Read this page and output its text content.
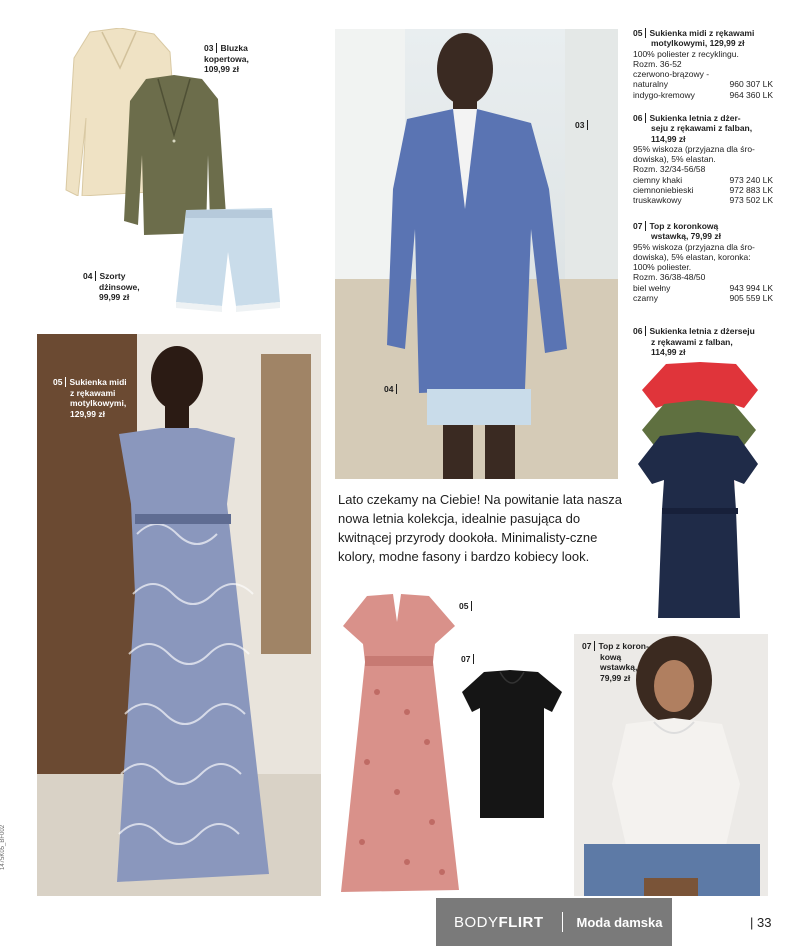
03 Bluzka
kopertowa,
109,99 zł
04 Szorty
dżinsowe,
99,99 zł
03
04
05 Sukienka midi z rękawami
motylkowymi, 129,99 zł
100% poliester z recyklingu.
Rozm. 36-52
czerwono-brązowy -
naturalny	960 307 LK
indygo-kremowy	964 360 LK
06 Sukienka letnia z dżer-
seju z rękawami z falban,
114,99 zł
95% wiskoza (przyjazna dla śro-
dowiska), 5% elastan.
Rozm. 32/34-56/58
ciemny khaki	973 240 LK
ciemnoniebieski	972 883 LK
truskawkowy	973 502 LK
07 Top z koronkową
wstawką, 79,99 zł
95% wiskoza (przyjazna dla śro-
dowiska), 5% elastan, koronka:
100% poliester.
Rozm. 36/38-48/50
biel wełny	943 994 LK
czarny	905 559 LK
06 Sukienka letnia z dżerseju
z rękawami z falban,
114,99 zł

Lato czekamy na Ciebie! Na powitanie lata nasza nowa letnia kolekcja, idealnie pasująca do kwitnącej przyrody dookoła. Minimalisty-czne kolory, modne fasony i bardzo kobiecy look.

05 Sukienka midi
z rękawami
motylkowymi,
129,99 zł
05
07
07 Top z koron-
kową
wstawką,
79,99 zł
BODYFLIRT	Moda damska	| 33
1475K05_BF002
